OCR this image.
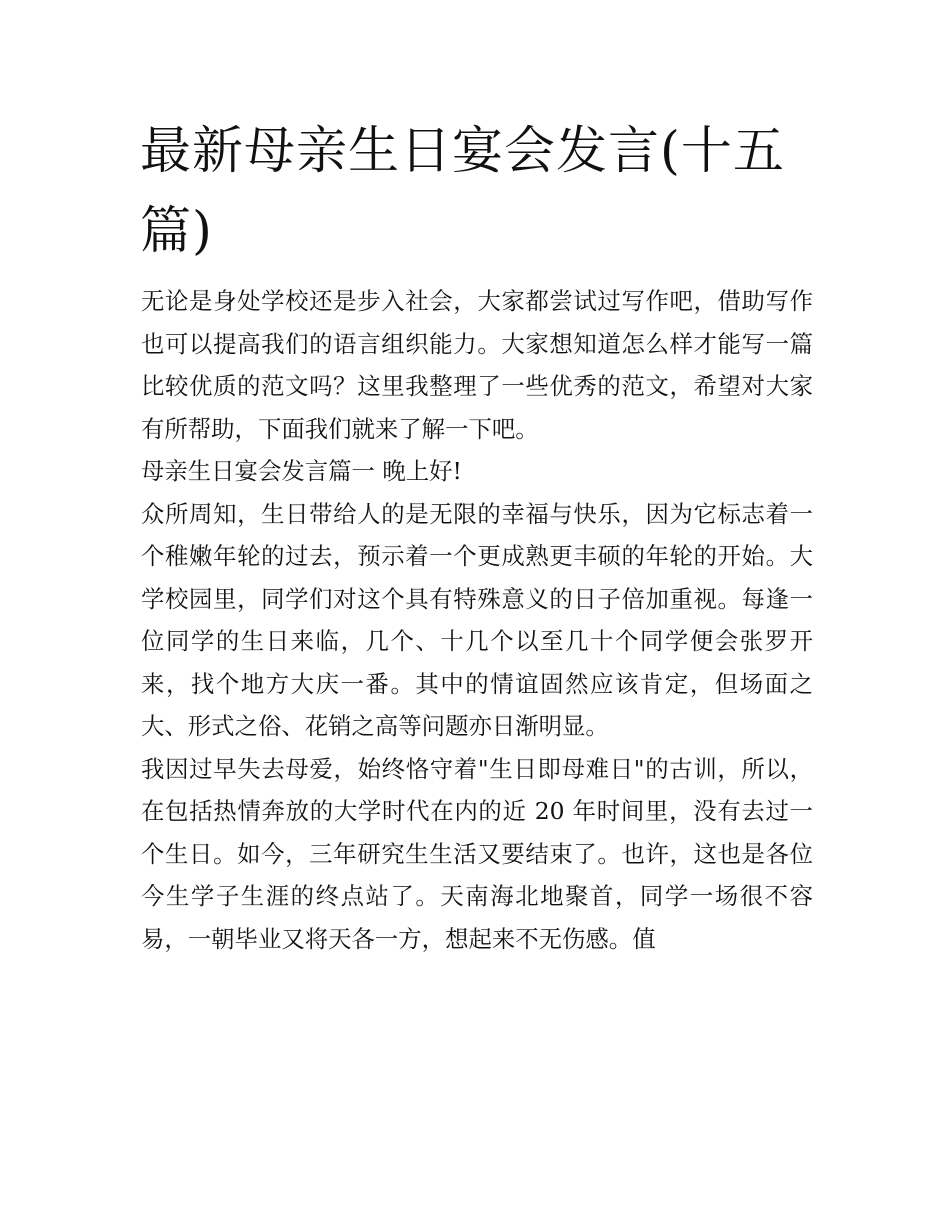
最新母亲生日宴会发言(十五篇)

无论是身处学校还是步入社会，大家都尝试过写作吧，借助写作也可以提高我们的语言组织能力。大家想知道怎么样才能写一篇比较优质的范文吗？这里我整理了一些优秀的范文，希望对大家有所帮助，下面我们就来了解一下吧。

母亲生日宴会发言篇一 晚上好!

众所周知，生日带给人的是无限的幸福与快乐，因为它标志着一个稚嫩年轮的过去，预示着一个更成熟更丰硕的年轮的开始。大学校园里，同学们对这个具有特殊意义的日子倍加重视。每逢一位同学的生日来临，几个、十几个以至几十个同学便会张罗开来，找个地方大庆一番。其中的情谊固然应该肯定，但场面之大、形式之俗、花销之高等问题亦日渐明显。

我因过早失去母爱，始终恪守着"生日即母难日"的古训，所以，在包括热情奔放的大学时代在内的近 20 年时间里，没有去过一个生日。如今，三年研究生生活又要结束了。也许，这也是各位今生学子生涯的终点站了。天南海北地聚首，同学一场很不容易，一朝毕业又将天各一方，想起来不无伤感。值
